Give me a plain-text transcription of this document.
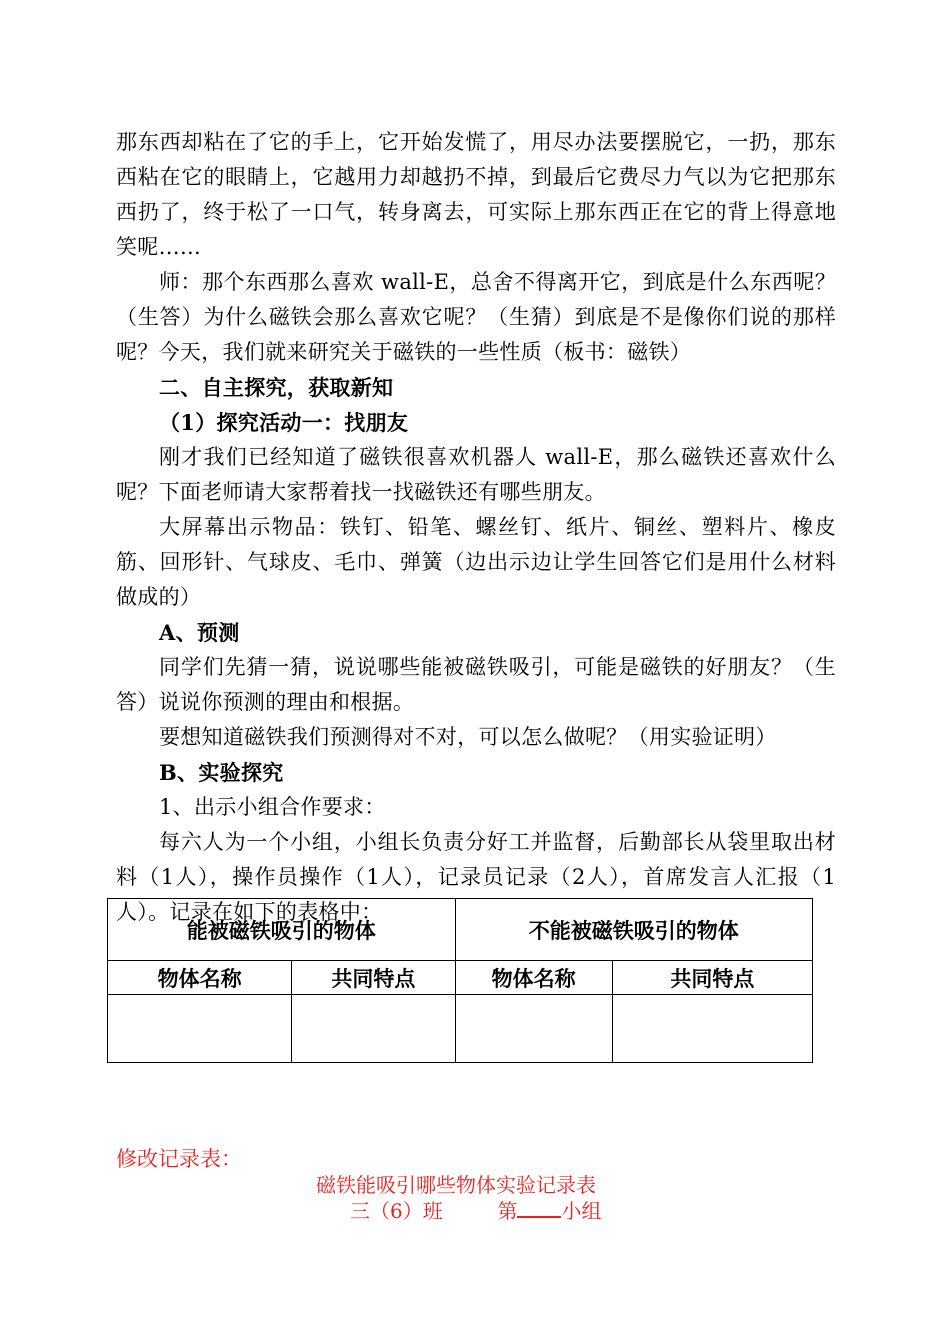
那东西却粘在了它的手上，它开始发慌了，用尽办法要摆脱它，一扔，那东西粘在它的眼睛上，它越用力却越扔不掉，到最后它费尽力气以为它把那东西扔了，终于松了一口气，转身离去，可实际上那东西正在它的背上得意地笑呢……

师：那个东西那么喜欢 wall-E，总舍不得离开它，到底是什么东西呢？（生答）为什么磁铁会那么喜欢它呢？（生猜）到底是不是像你们说的那样呢？今天，我们就来研究关于磁铁的一些性质（板书：磁铁）

二、自主探究，获取新知

（1）探究活动一：找朋友

刚才我们已经知道了磁铁很喜欢机器人 wall-E，那么磁铁还喜欢什么呢？下面老师请大家帮着找一找磁铁还有哪些朋友。

大屏幕出示物品：铁钉、铅笔、螺丝钉、纸片、铜丝、塑料片、橡皮筋、回形针、气球皮、毛巾、弹簧（边出示边让学生回答它们是用什么材料做成的）

A、预测

同学们先猜一猜，说说哪些能被磁铁吸引，可能是磁铁的好朋友？（生答）说说你预测的理由和根据。

要想知道磁铁我们预测得对不对，可以怎么做呢？（用实验证明）

B、实验探究

1、出示小组合作要求：

每六人为一个小组，小组长负责分好工并监督，后勤部长从袋里取出材料（1人），操作员操作（1人），记录员记录（2人），首席发言人汇报（1人）。记录在如下的表格中：

能被磁铁吸引的物体		不能被磁铁吸引的物体	
物体名称	共同特点	物体名称	共同特点

修改记录表：
磁铁能吸引哪些物体实验记录表
三（6）班	第 小组
